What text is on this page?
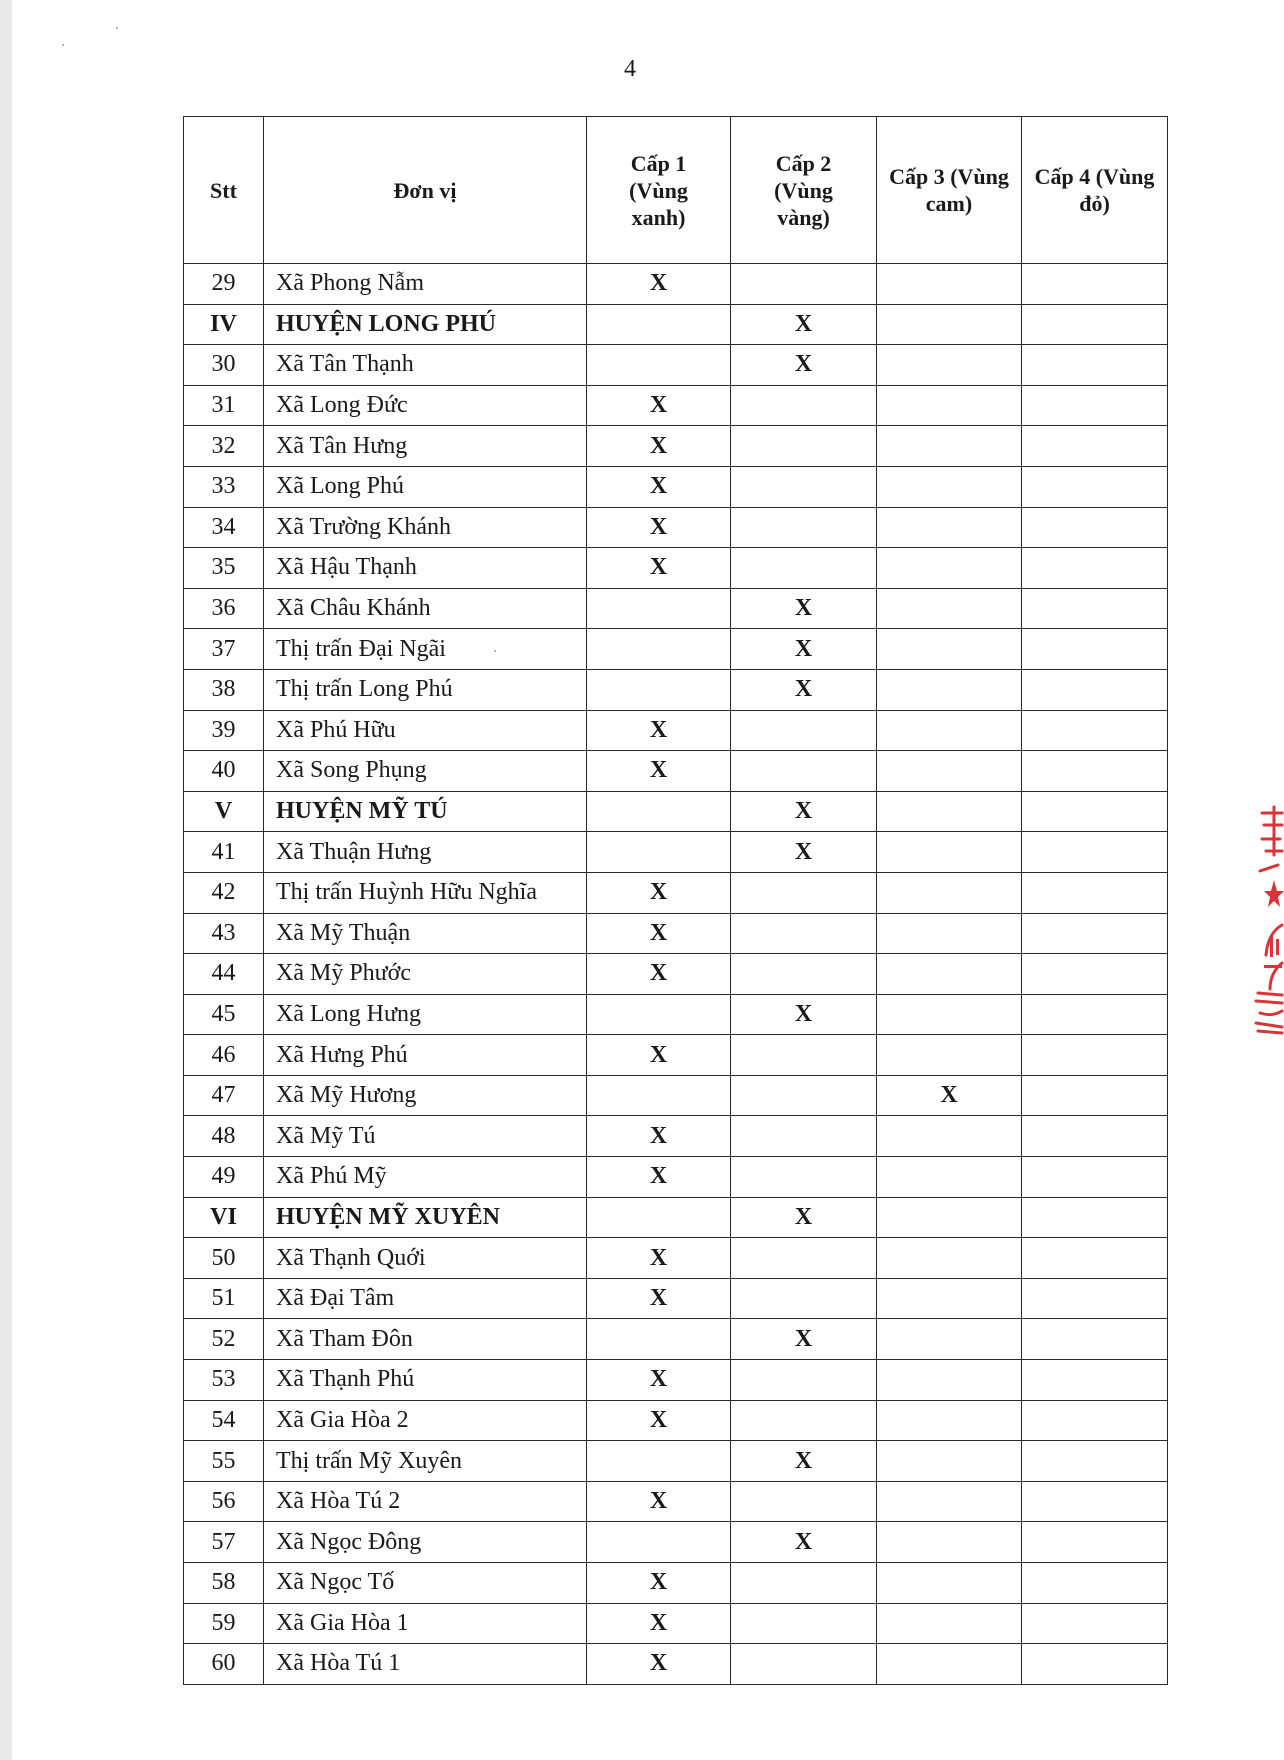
4
Stt	Đơn vị	Cấp 1 (Vùng xanh)	Cấp 2 (Vùng vàng)	Cấp 3 (Vùng cam)	Cấp 4 (Vùng đỏ)
29	Xã Phong Nẫm	X			
IV	HUYỆN LONG PHÚ		X		
30	Xã Tân Thạnh		X		
31	Xã Long Đức	X			
32	Xã Tân Hưng	X			
33	Xã Long Phú	X			
34	Xã Trường Khánh	X			
35	Xã Hậu Thạnh	X			
36	Xã Châu Khánh		X		
37	Thị trấn Đại Ngãi		X		
38	Thị trấn Long Phú		X		
39	Xã Phú Hữu	X			
40	Xã Song Phụng	X			
V	HUYỆN MỸ TÚ		X		
41	Xã Thuận Hưng		X		
42	Thị trấn Huỳnh Hữu Nghĩa	X			
43	Xã Mỹ Thuận	X			
44	Xã Mỹ Phước	X			
45	Xã Long Hưng		X		
46	Xã Hưng Phú	X			
47	Xã Mỹ Hương			X	
48	Xã Mỹ Tú	X			
49	Xã Phú Mỹ	X			
VI	HUYỆN MỸ XUYÊN		X		
50	Xã Thạnh Quới	X			
51	Xã Đại Tâm	X			
52	Xã Tham Đôn		X		
53	Xã Thạnh Phú	X			
54	Xã Gia Hòa 2	X			
55	Thị trấn Mỹ Xuyên		X		
56	Xã Hòa Tú 2	X			
57	Xã Ngọc Đông		X		
58	Xã Ngọc Tố	X			
59	Xã Gia Hòa 1	X			
60	Xã Hòa Tú 1	X			
